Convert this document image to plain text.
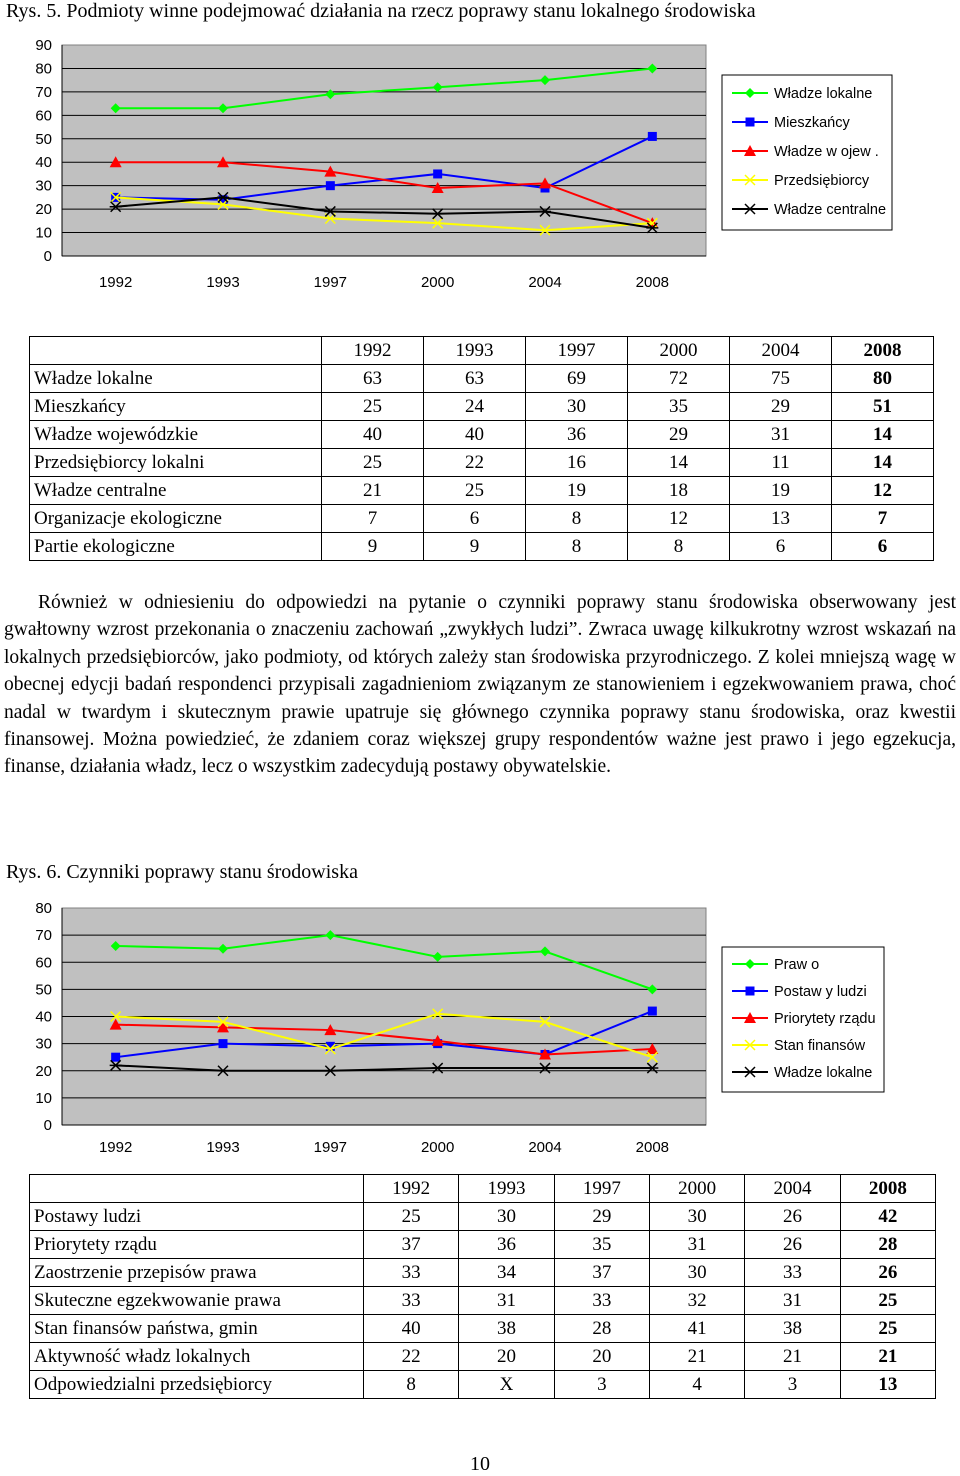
Rys. 5. Podmioty winne podejmować działania na rzecz poprawy stanu lokalnego środowiska
0
10
20
30
40
50
60
70
80
90
1992	1993	1997	2000	2004	2008
Władze lokalne
Mieszkańcy
Władze w ojew .
Przedsiębiorcy
Władze centralne
	1992	1993	1997	2000	2004	2008
Władze lokalne	63	63	69	72	75	80
Mieszkańcy	25	24	30	35	29	51
Władze wojewódzkie	40	40	36	29	31	14
Przedsiębiorcy lokalni	25	22	16	14	11	14
Władze centralne	21	25	19	18	19	12
Organizacje ekologiczne	7	6	8	12	13	7
Partie ekologiczne	9	9	8	8	6	6

Również w odniesieniu do odpowiedzi na pytanie o czynniki poprawy stanu środowiska obserwowany jest gwałtowny wzrost przekonania o znaczeniu zachowań „zwykłych ludzi”. Zwraca uwagę kilkukrotny wzrost wskazań na lokalnych przedsiębiorców, jako podmioty, od których zależy stan środowiska przyrodniczego. Z kolei mniejszą wagę w obecnej edycji badań respondenci przypisali zagadnieniom związanym ze stanowieniem i egzekwowaniem prawa, choć nadal w twardym i skutecznym prawie upatruje się głównego czynnika poprawy stanu środowiska, oraz kwestii finansowej. Można powiedzieć, że zdaniem coraz większej grupy respondentów ważne jest prawo i jego egzekucja, finanse, działania władz, lecz o wszystkim zadecydują postawy obywatelskie.

Rys. 6. Czynniki poprawy stanu środowiska
0
10
20
30
40
50
60
70
80
1992	1993	1997	2000	2004	2008
Praw o
Postaw y ludzi
Priorytety rządu
Stan finansów
Władze lokalne
	1992	1993	1997	2000	2004	2008
Postawy ludzi	25	30	29	30	26	42
Priorytety rządu	37	36	35	31	26	28
Zaostrzenie przepisów prawa	33	34	37	30	33	26
Skuteczne egzekwowanie prawa	33	31	33	32	31	25
Stan finansów państwa, gmin	40	38	28	41	38	25
Aktywność władz lokalnych	22	20	20	21	21	21
Odpowiedzialni przedsiębiorcy	8	X	3	4	3	13
10
